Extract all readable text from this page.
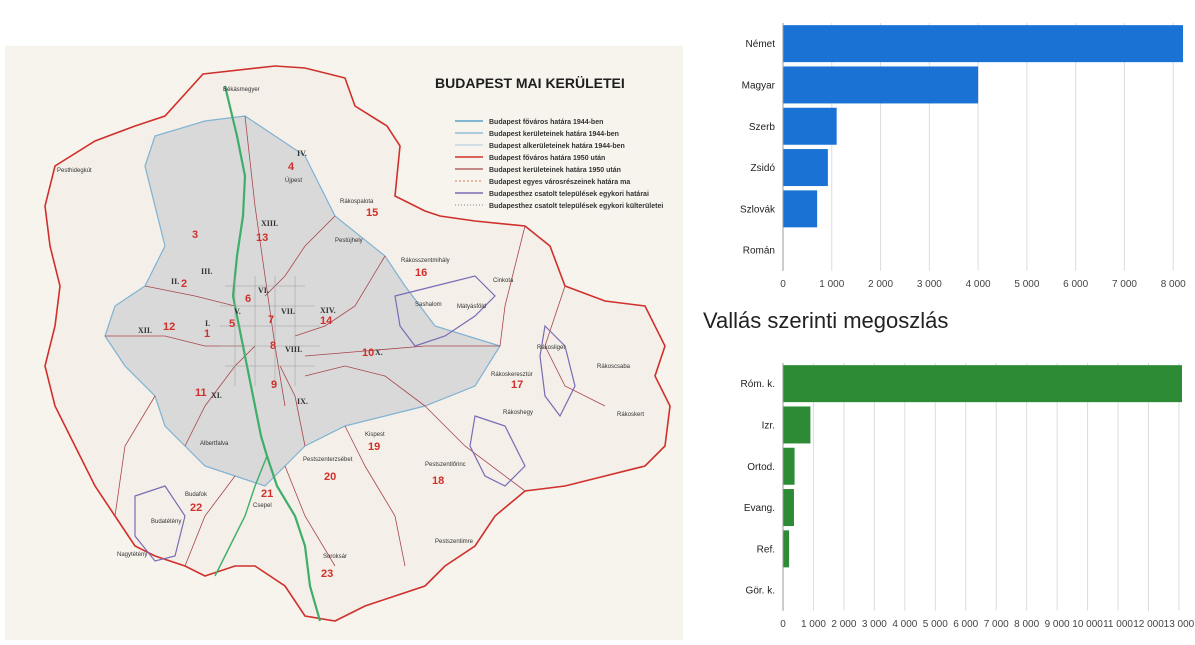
BUDAPEST MAI KERÜLETEI
Budapest főváros határa 1944-ben
Budapest kerületeinek határa 1944-ben
Budapest alkerületeinek határa 1944-ben
Budapest főváros határa 1950 után
Budapest kerületeinek határa 1950 után
Budapest egyes városrészeinek határa ma
Budapesthez csatolt települések egykori határai
Budapesthez csatolt települések egykori külterületei
4
15
3	13
14
16
2
6
7
1
5
12
8
10
9
11
17
19
20	18
21
22
23
XII.
II.
I.
III.
IV.
V.
VI.
VII.
VIII.
IX.
X.
XI.
XIII.
XIV.
Békásmegyer
Újpest
Rákospalota
Pestújhely
Rákosszentmihály
Cinkota
Mátyásföld
Sashalom
Rákosliget
Rákoscsaba
Rákoskeresztúr
Rákoshegy
Kispest
Pestszenterzsébet
Pestszentlőrinc
Albertfalva
Budafok
Budatétény
Nagytétény
Csepel
Soroksár
Pesthidegkút
Pestszentimre
Rákoskert
0	1 000 2 000 3 000 4 000 5 000 6 000 7 000 8 000
Német
Magyar
Szerb
Zsidó
Szlovák
Román
Vallás szerinti megoszlás
0 1 000 2 000 3 000 4 000 5 000 6 000 7 000 8 000 9 000 10 000 11 000 12 000 13 000
Róm. k.
Izr.
Ortod.
Evang.
Ref.
Gör. k.
